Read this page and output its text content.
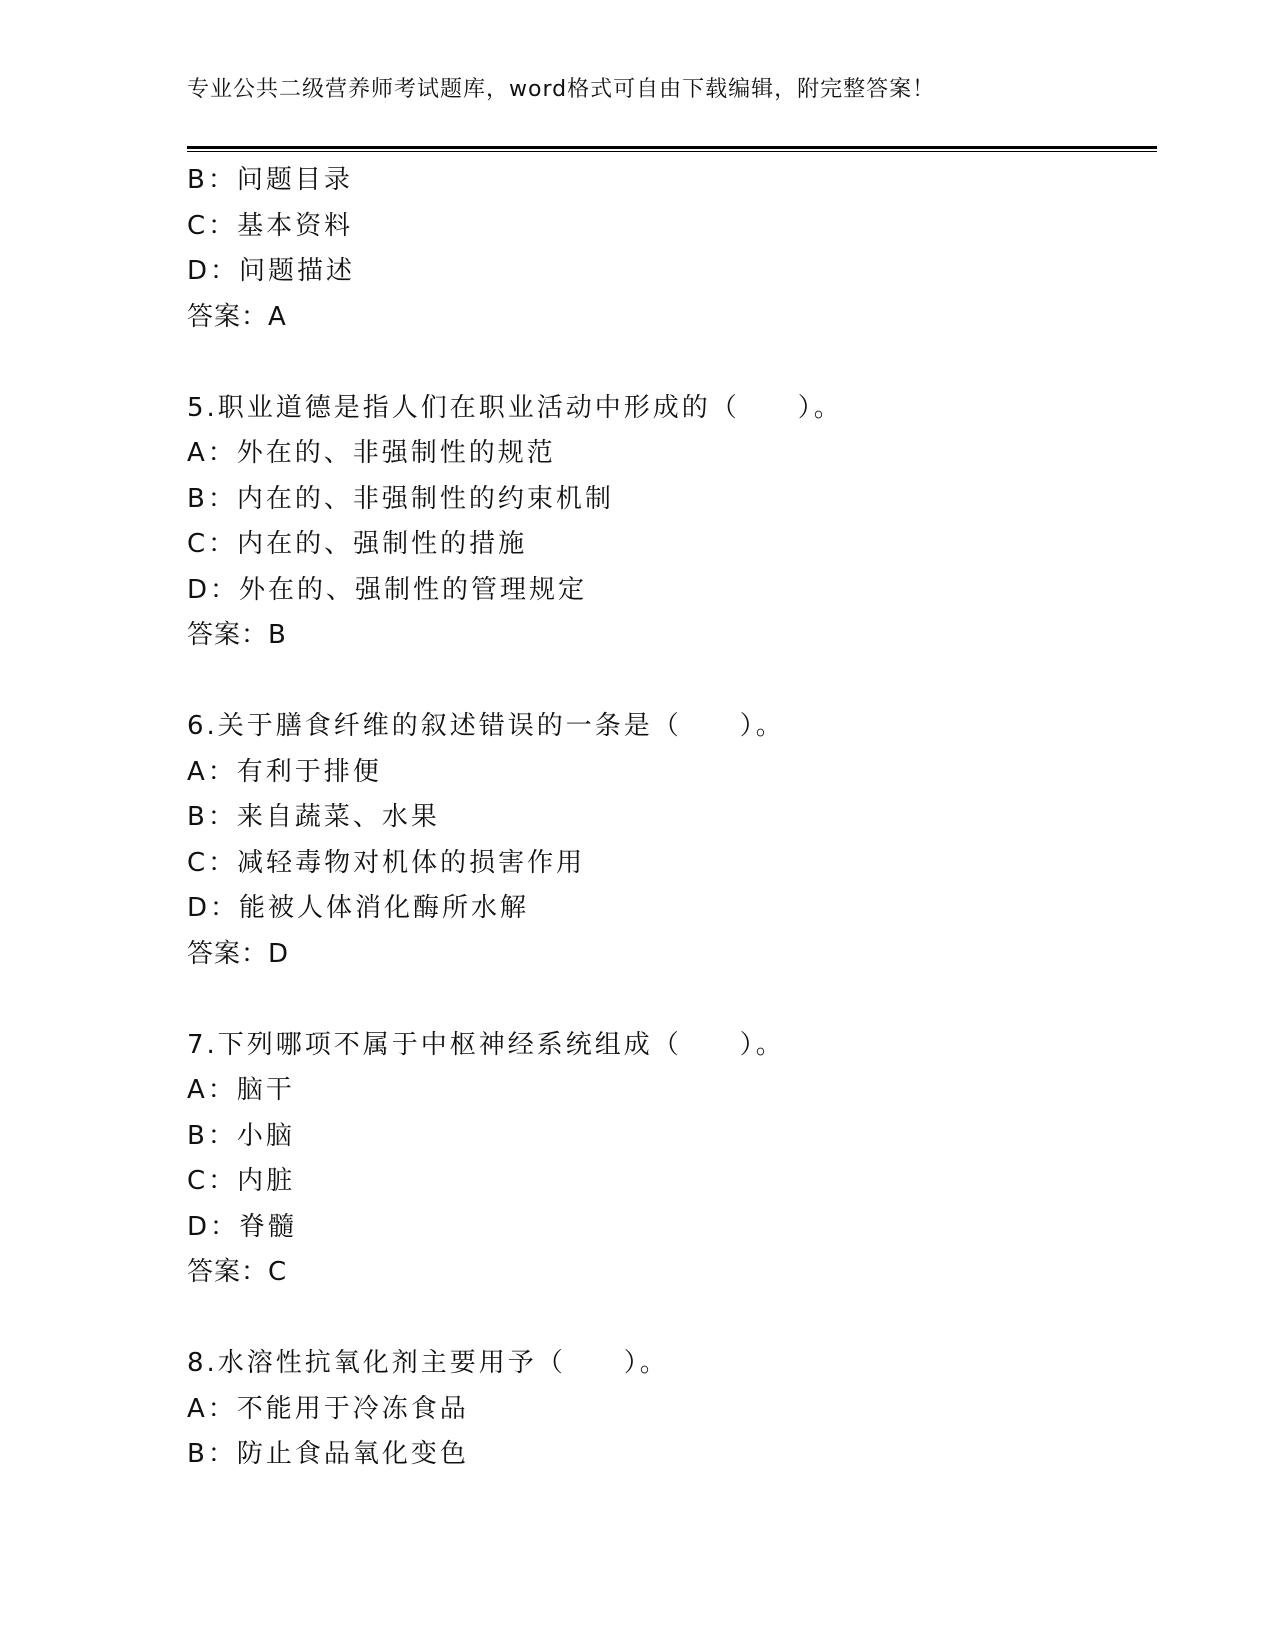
专业公共二级营养师考试题库，word格式可自由下载编辑，附完整答案！
B：问题目录
C：基本资料
D：问题描述
答案：A
5.职业道德是指人们在职业活动中形成的（　　）。
A：外在的、非强制性的规范
B：内在的、非强制性的约束机制
C：内在的、强制性的措施
D：外在的、强制性的管理规定
答案：B
6.关于膳食纤维的叙述错误的一条是（　　）。
A：有利于排便
B：来自蔬菜、水果
C：减轻毒物对机体的损害作用
D：能被人体消化酶所水解
答案：D
7.下列哪项不属于中枢神经系统组成（　　）。
A：脑干
B：小脑
C：内脏
D：脊髓
答案：C
8.水溶性抗氧化剂主要用予（　　）。
A：不能用于冷冻食品
B：防止食品氧化变色
